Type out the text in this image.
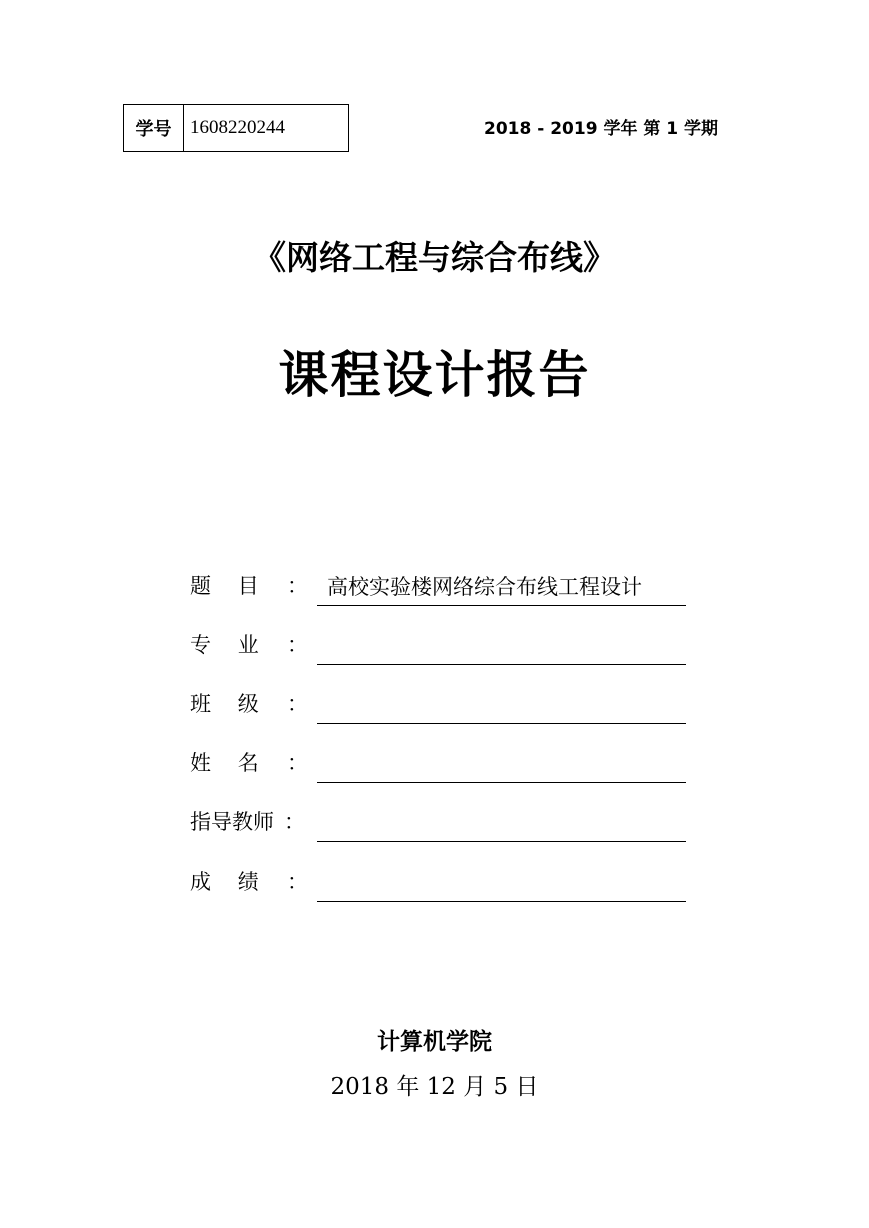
学号 1608220244	2018 - 2019 学年 第 1 学期
《网络工程与综合布线》
课程设计报告
题    目 ： 高校实验楼网络综合布线工程设计
专    业 ：
班    级 ：
姓    名 ：
指导教师 ：
成    绩 ：
计算机学院
2018 年 12 月 5 日
